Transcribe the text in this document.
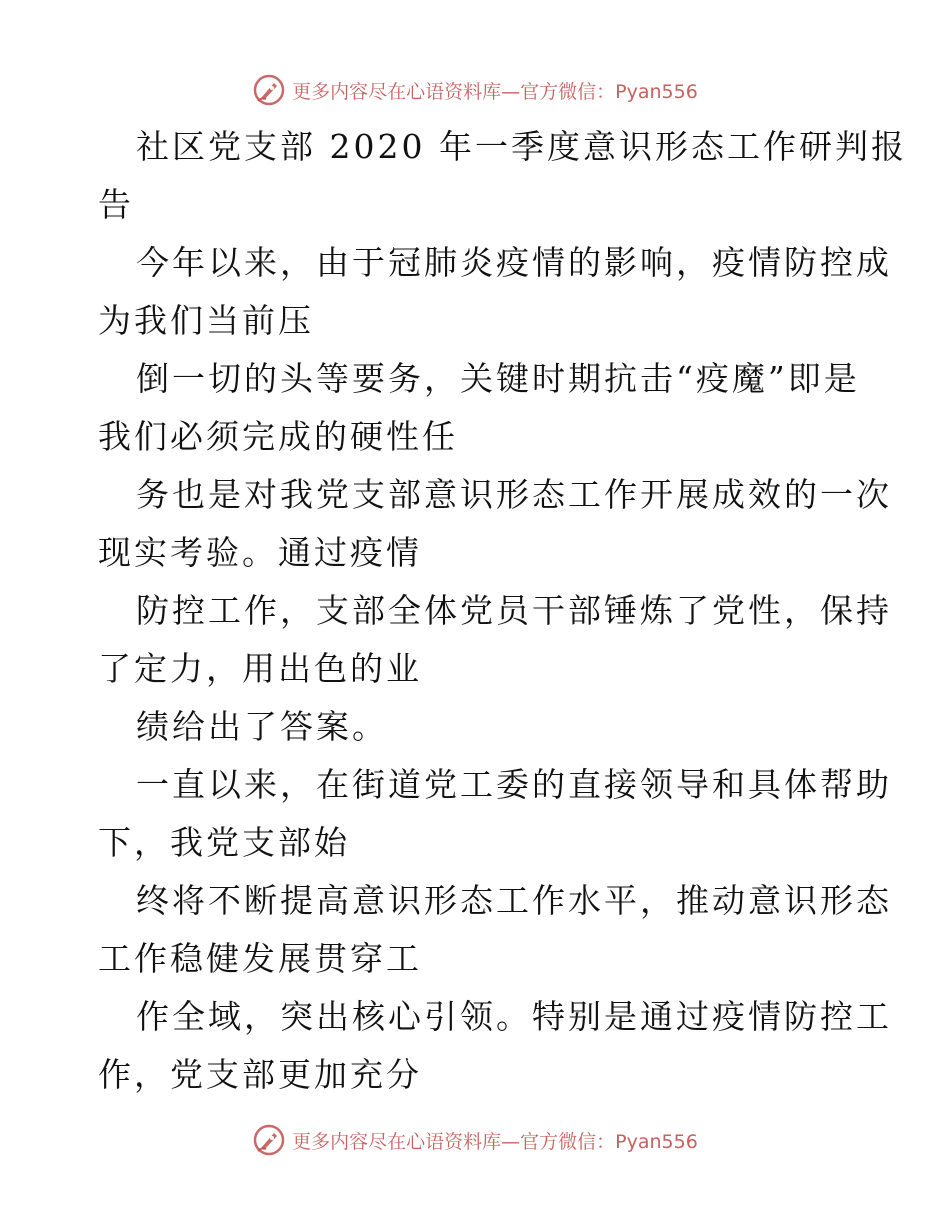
更多内容尽在心语资料库—官方微信：Pyan556
社区党支部 2020 年一季度意识形态工作研判报
告
今年以来，由于冠肺炎疫情的影响，疫情防控成
为我们当前压
倒一切的头等要务，关键时期抗击“疫魔”即是
我们必须完成的硬性任
务也是对我党支部意识形态工作开展成效的一次
现实考验。通过疫情
防控工作，支部全体党员干部锤炼了党性，保持
了定力，用出色的业
绩给出了答案。
一直以来，在街道党工委的直接领导和具体帮助
下，我党支部始
终将不断提高意识形态工作水平，推动意识形态
工作稳健发展贯穿工
作全域，突出核心引领。特别是通过疫情防控工
作，党支部更加充分
更多内容尽在心语资料库—官方微信：Pyan556
